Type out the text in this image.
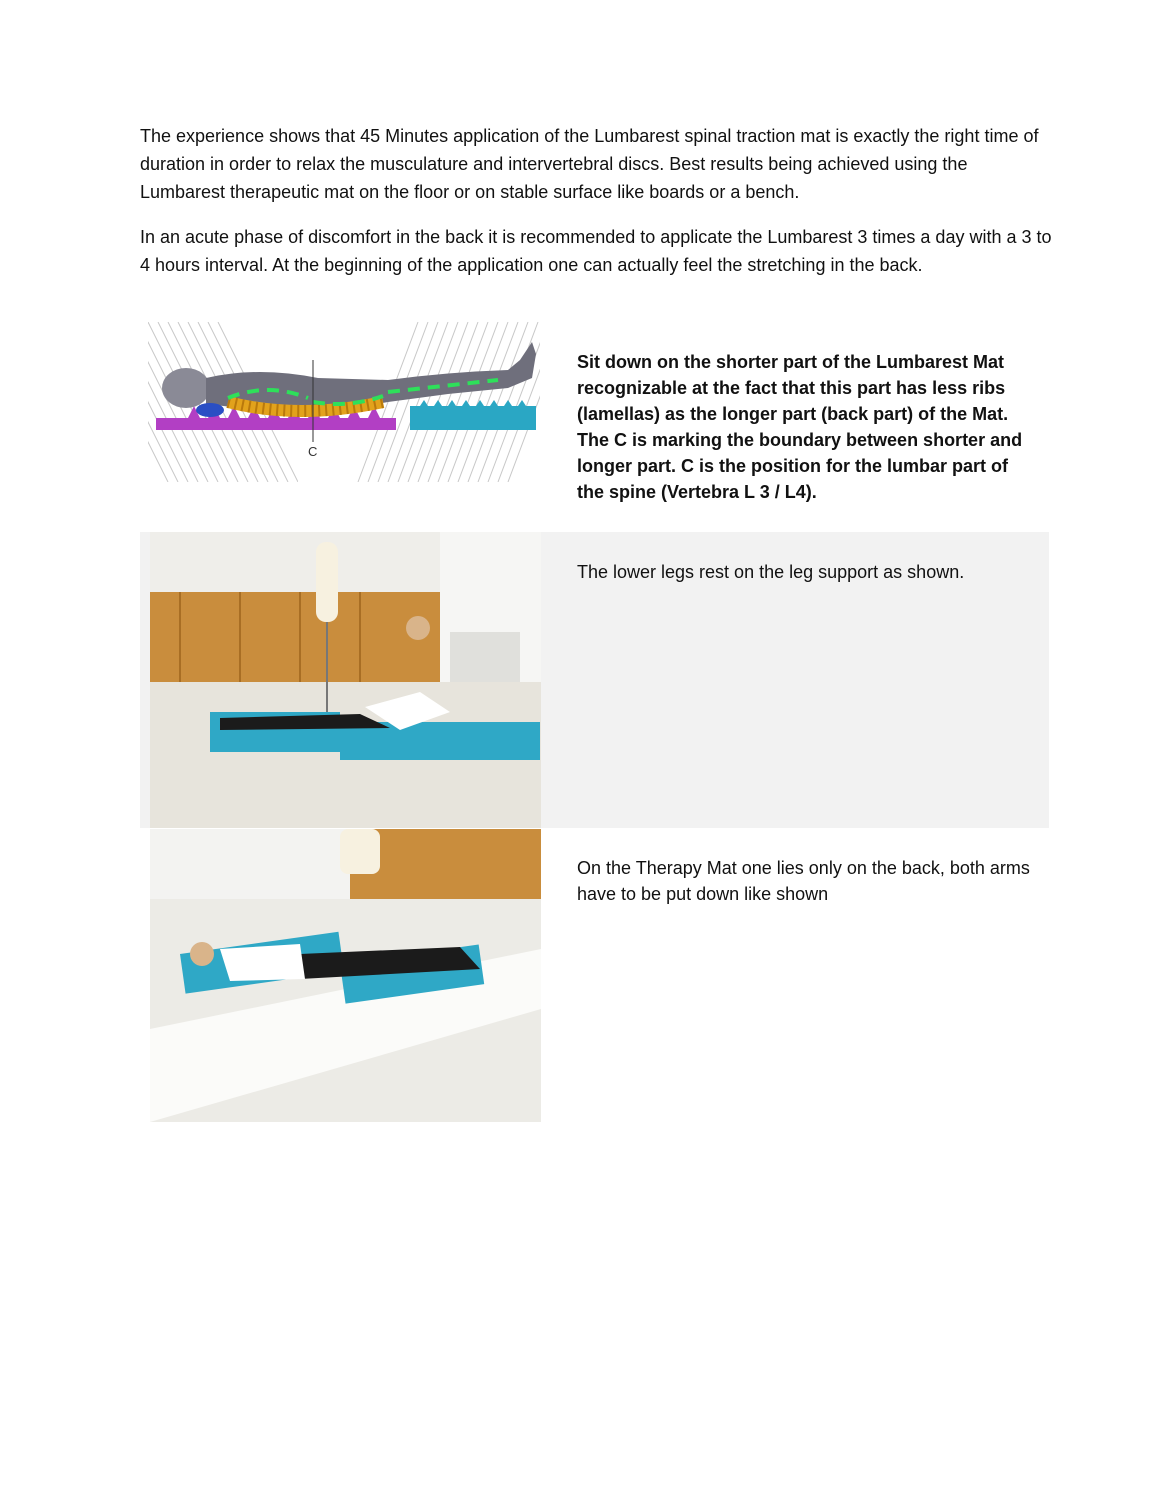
The experience shows that 45 Minutes application of the Lumbarest spinal traction mat is exactly the right time of duration in order to relax the musculature and intervertebral discs. Best results being achieved using the Lumbarest therapeutic mat on the floor or on stable surface like boards or a bench.

In an acute phase of discomfort in the back it is recommended to applicate the Lumbarest 3 times a day with a 3 to 4 hours interval. At the beginning of the application one can actually feel the stretching in the back.

C

Sit down on the shorter part of the Lumbarest Mat recognizable at the fact that this part has less ribs (lamellas) as the longer part (back part) of the Mat. The C is marking the boundary between shorter and longer part. C is the position for the lumbar part of the spine (Vertebra L 3 / L4).

The lower legs rest on the leg support as shown.

On the Therapy Mat one lies only on the back, both arms have to be put down like shown
